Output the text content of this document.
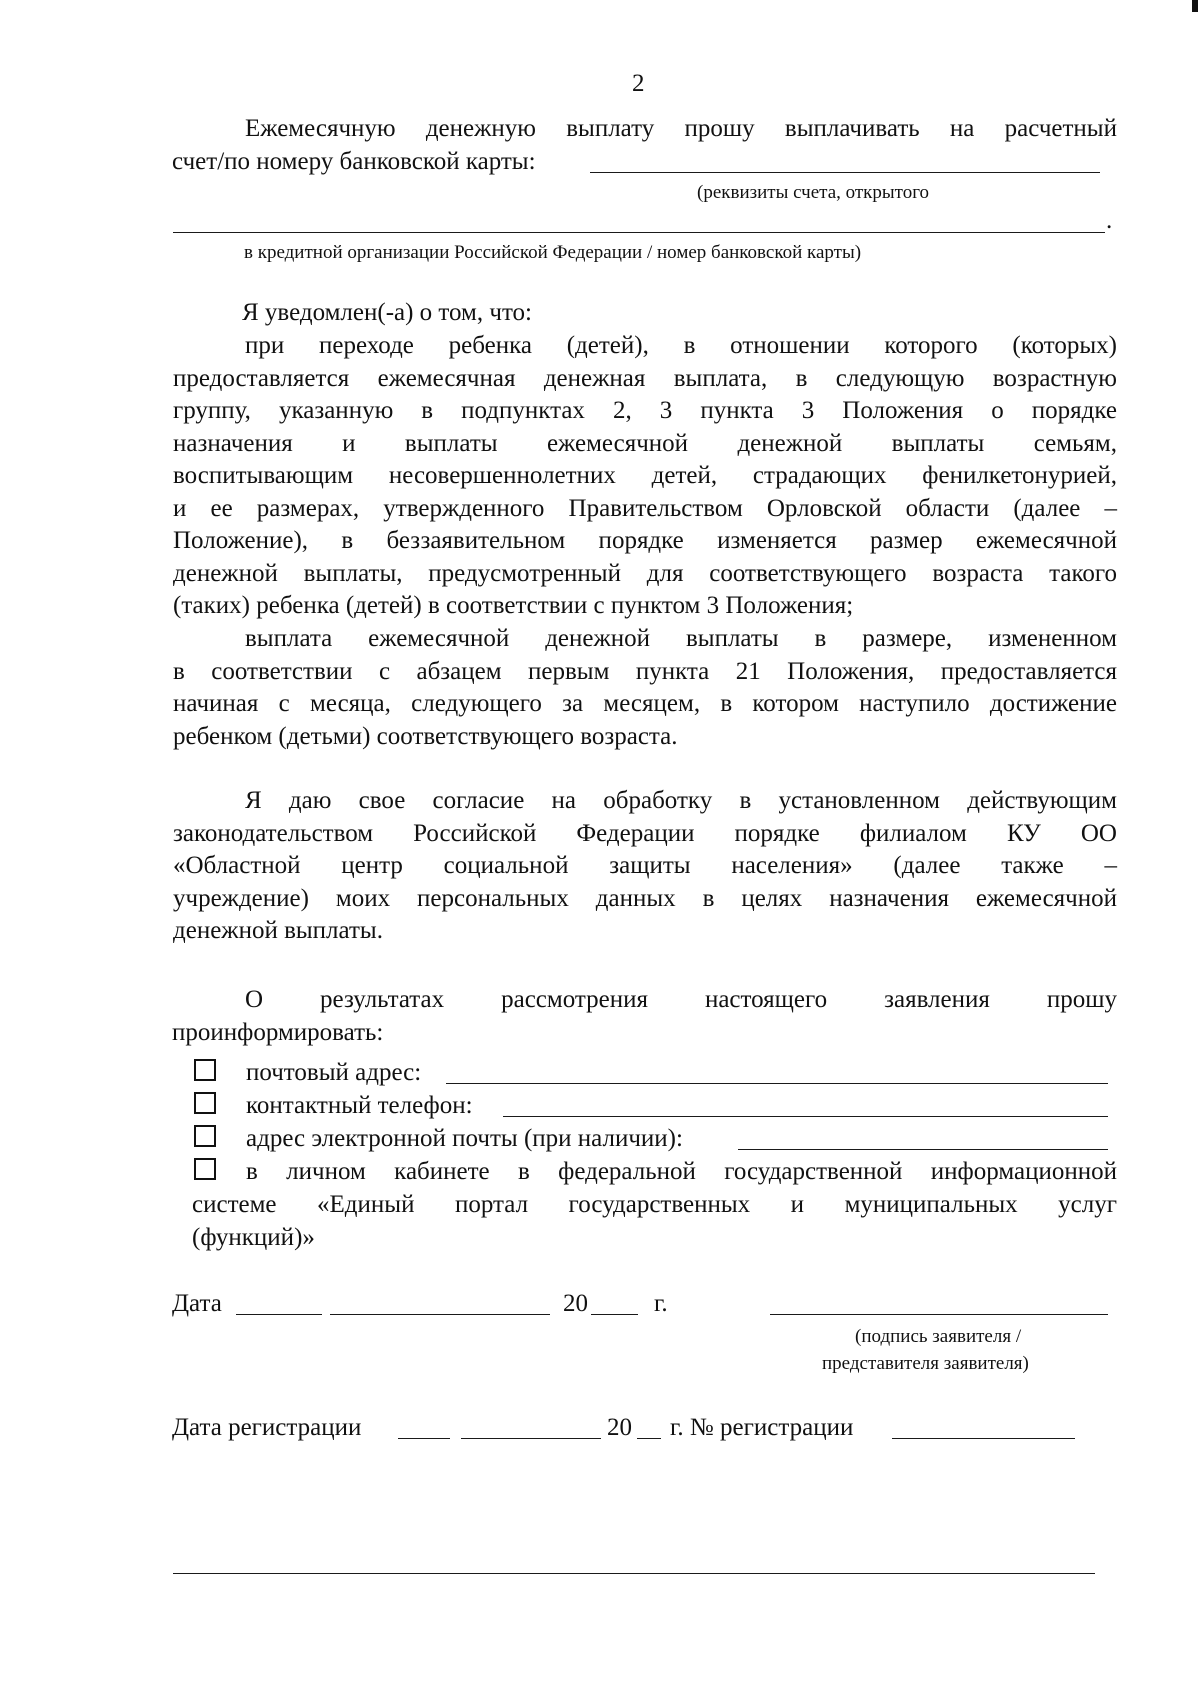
2
Ежемесячную денежную выплату прошу выплачивать на расчетный
счет/по номеру банковской карты:
(реквизиты счета, открытого
.
в кредитной организации Российской Федерации / номер банковской карты)
Я уведомлен(-а) о том, что:
при переходе ребенка (детей), в отношении которого (которых)
предоставляется ежемесячная денежная выплата, в следующую возрастную
группу, указанную в подпунктах 2, 3 пункта 3 Положения о порядке
назначения и выплаты ежемесячной денежной выплаты семьям,
воспитывающим несовершеннолетних детей, страдающих фенилкетонурией,
и ее размерах, утвержденного Правительством Орловской области (далее –
Положение), в беззаявительном порядке изменяется размер ежемесячной
денежной выплаты, предусмотренный для соответствующего возраста такого
(таких) ребенка (детей) в соответствии с пунктом 3 Положения;
выплата ежемесячной денежной выплаты в размере, измененном
в соответствии с абзацем первым пункта 21 Положения, предоставляется
начиная с месяца, следующего за месяцем, в котором наступило достижение
ребенком (детьми) соответствующего возраста.
Я даю свое согласие на обработку в установленном действующим
законодательством Российской Федерации порядке филиалом КУ ОО
«Областной центр социальной защиты населения» (далее также –
учреждение) моих персональных данных в целях назначения ежемесячной
денежной выплаты.
О результатах рассмотрения настоящего заявления прошу
проинформировать:
почтовый адрес:
контактный телефон:
адрес электронной почты (при наличии):
в личном кабинете в федеральной государственной информационной
системе «Единый портал государственных и муниципальных услуг
(функций)»
Дата	20	г.
(подпись заявителя /
представителя заявителя)
Дата регистрации	20 г. № регистрации
